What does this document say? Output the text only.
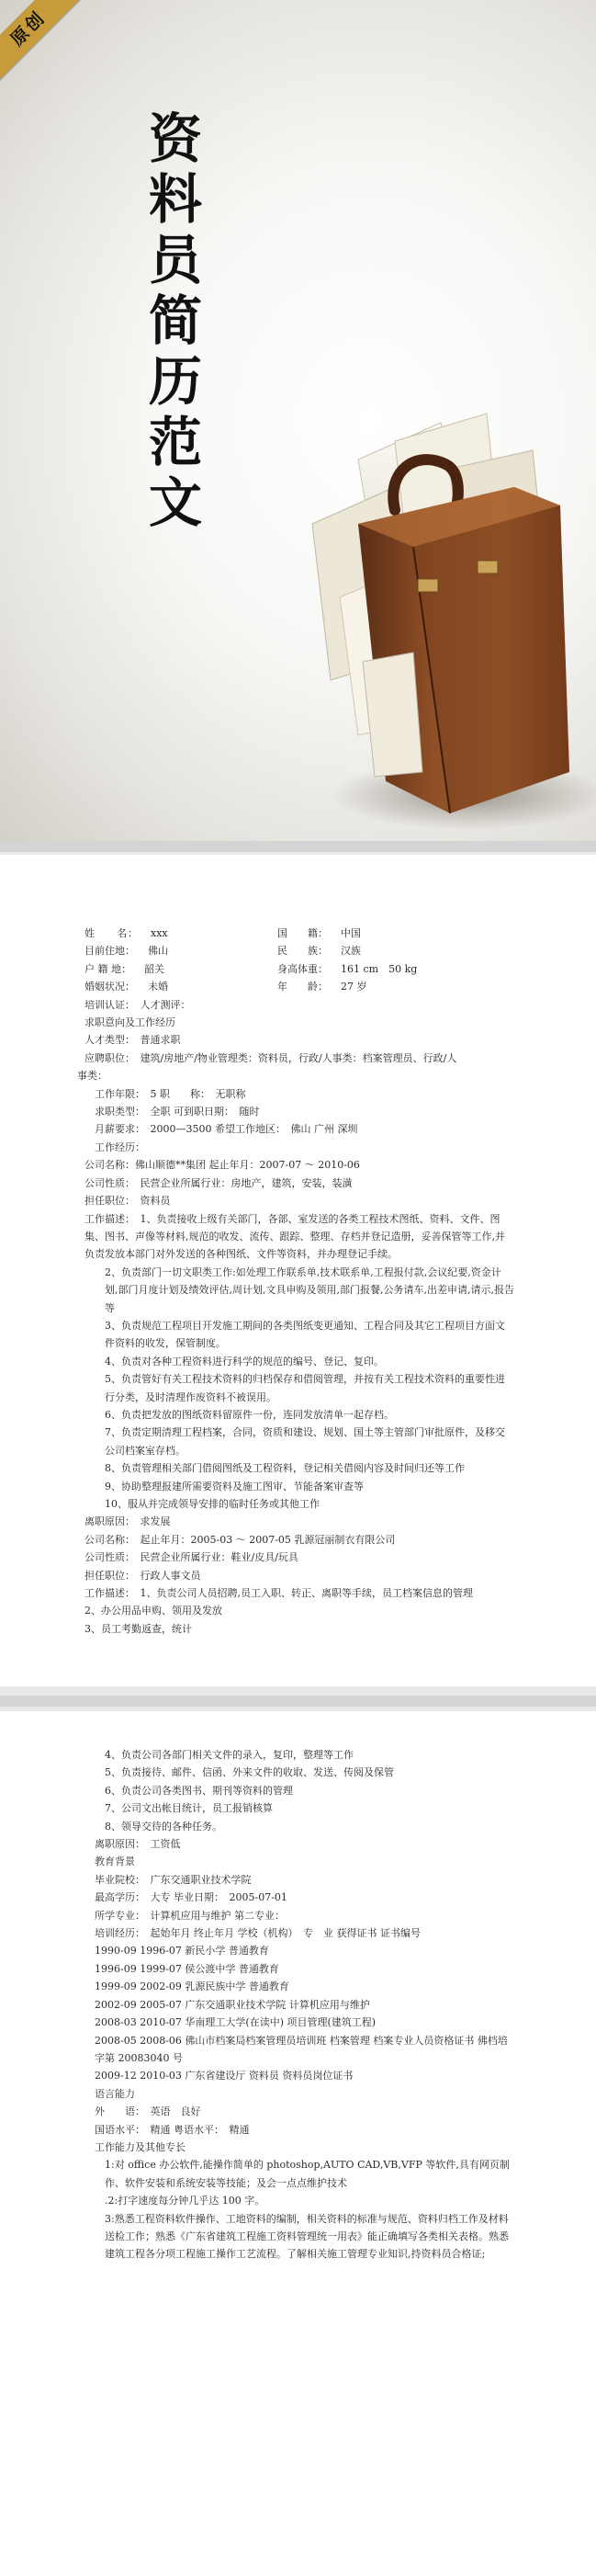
原创
资料员简历范文
姓　　名： xxx	国　　籍： 中国
目前住地： 佛山	民　　族： 汉族
户 籍 地： 韶关	身高体重： 161 cm　50 kg
婚姻状况： 未婚	年　　龄： 27 岁

培训认证：　人才测评：

求职意向及工作经历

人才类型：　普通求职

应聘职位：　建筑/房地产/物业管理类：资料员，行政/人事类：档案管理员、行政/人

事类：

工作年限：　5 职　　称：　无职称

求职类型：　全职 可到职日期：　随时

月薪要求：　2000—3500 希望工作地区：　佛山 广州 深圳

工作经历：

公司名称：佛山顺德**集团 起止年月：2007-07 ～ 2010-06

公司性质：　民营企业所属行业：房地产，建筑，安装，装潢

担任职位：　资料员

工作描述：　1、负责接收上级有关部门，各部、室发送的各类工程技术图纸、资料、文件、图集、图书、声像等材料,规范的收发、流传、跟踪、整理、存档并登记造册，妥善保管等工作,并负责发放本部门对外发送的各种图纸、文件等资料，并办理登记手续。

2、负责部门一切文职类工作:如处理工作联系单,技术联系单,工程报付款,会议纪要,资金计划,部门月度计划及绩效评估,周计划,文具申购及领用,部门报餐,公务请车,出差申请,请示,报告等

3、负责规范工程项目开发施工期间的各类图纸变更通知、工程合同及其它工程项目方面文件资料的收发，保管制度。

4、负责对各种工程资料进行科学的规范的编号、登记、复印。

5、负责管好有关工程技术资料的归档保存和借阅管理，并按有关工程技术资料的重要性进行分类，及时清理作废资料不被误用。

6、负责把发放的图纸资料留原件一份，连同发放清单一起存档。

7、负责定期清理工程档案，合同，资质和建设、规划、国土等主管部门审批原件，及移交公司档案室存档。

8、负责管理相关部门借阅图纸及工程资料，登记相关借阅内容及时间归还等工作

9、协助整理报建所需要资料及施工图审、节能备案审查等

10、服从并完成领导安排的临时任务或其他工作

离职原因：　求发展

公司名称：　起止年月：2005-03 ～ 2007-05 乳源冠丽制衣有限公司

公司性质：　民营企业所属行业：鞋业/皮具/玩具

担任职位：　行政人事文员

工作描述：　1、负责公司人员招聘,员工入职、转正、离职等手续，员工档案信息的管理

2、办公用品申购、领用及发放

3、员工考勤返查，统计

4、负责公司各部门相关文件的录入，复印，整理等工作

5、负责接待、邮件、信函、外来文件的收取、发送、传阅及保管

6、负责公司各类图书、期刊等资料的管理

7、公司文出帐目统计，员工报销核算

8、领导交待的各种任务。

离职原因：　工资低

教育背景

毕业院校：　广东交通职业技术学院

最高学历：　大专 毕业日期：　2005-07-01

所学专业：　计算机应用与维护 第二专业：

培训经历：　起始年月 终止年月 学校（机构）　专　业 获得证书 证书编号

1990-09 1996-07 新民小学 普通教育

1996-09 1999-07 侯公渡中学 普通教育

1999-09 2002-09 乳源民族中学 普通教育

2002-09 2005-07 广东交通职业技术学院 计算机应用与维护

2008-03 2010-07 华南理工大学(在读中) 项目管理(建筑工程)

2008-05 2008-06 佛山市档案局档案管理员培训班 档案管理 档案专业人员资格证书 佛档培字第 20083040 号

2009-12 2010-03 广东省建设厅 资料员 资料员岗位证书

语言能力

外　　语：　英语　良好

国语水平：　精通 粤语水平：　精通

工作能力及其他专长

1:对 office 办公软件,能操作简单的 photoshop,AUTO CAD,VB,VFP 等软件,具有网页制作、软件安装和系统安装等技能；及会一点点维护技术

.2:打字速度每分钟几乎达 100 字。

3:熟悉工程资料软件操作、工地资料的编制，相关资料的标准与规范、资料归档工作及材料送检工作；熟悉《广东省建筑工程施工资料管理统一用表》能正确填写各类相关表格。熟悉建筑工程各分项工程施工操作工艺流程。了解相关施工管理专业知识,持资料员合格证;
